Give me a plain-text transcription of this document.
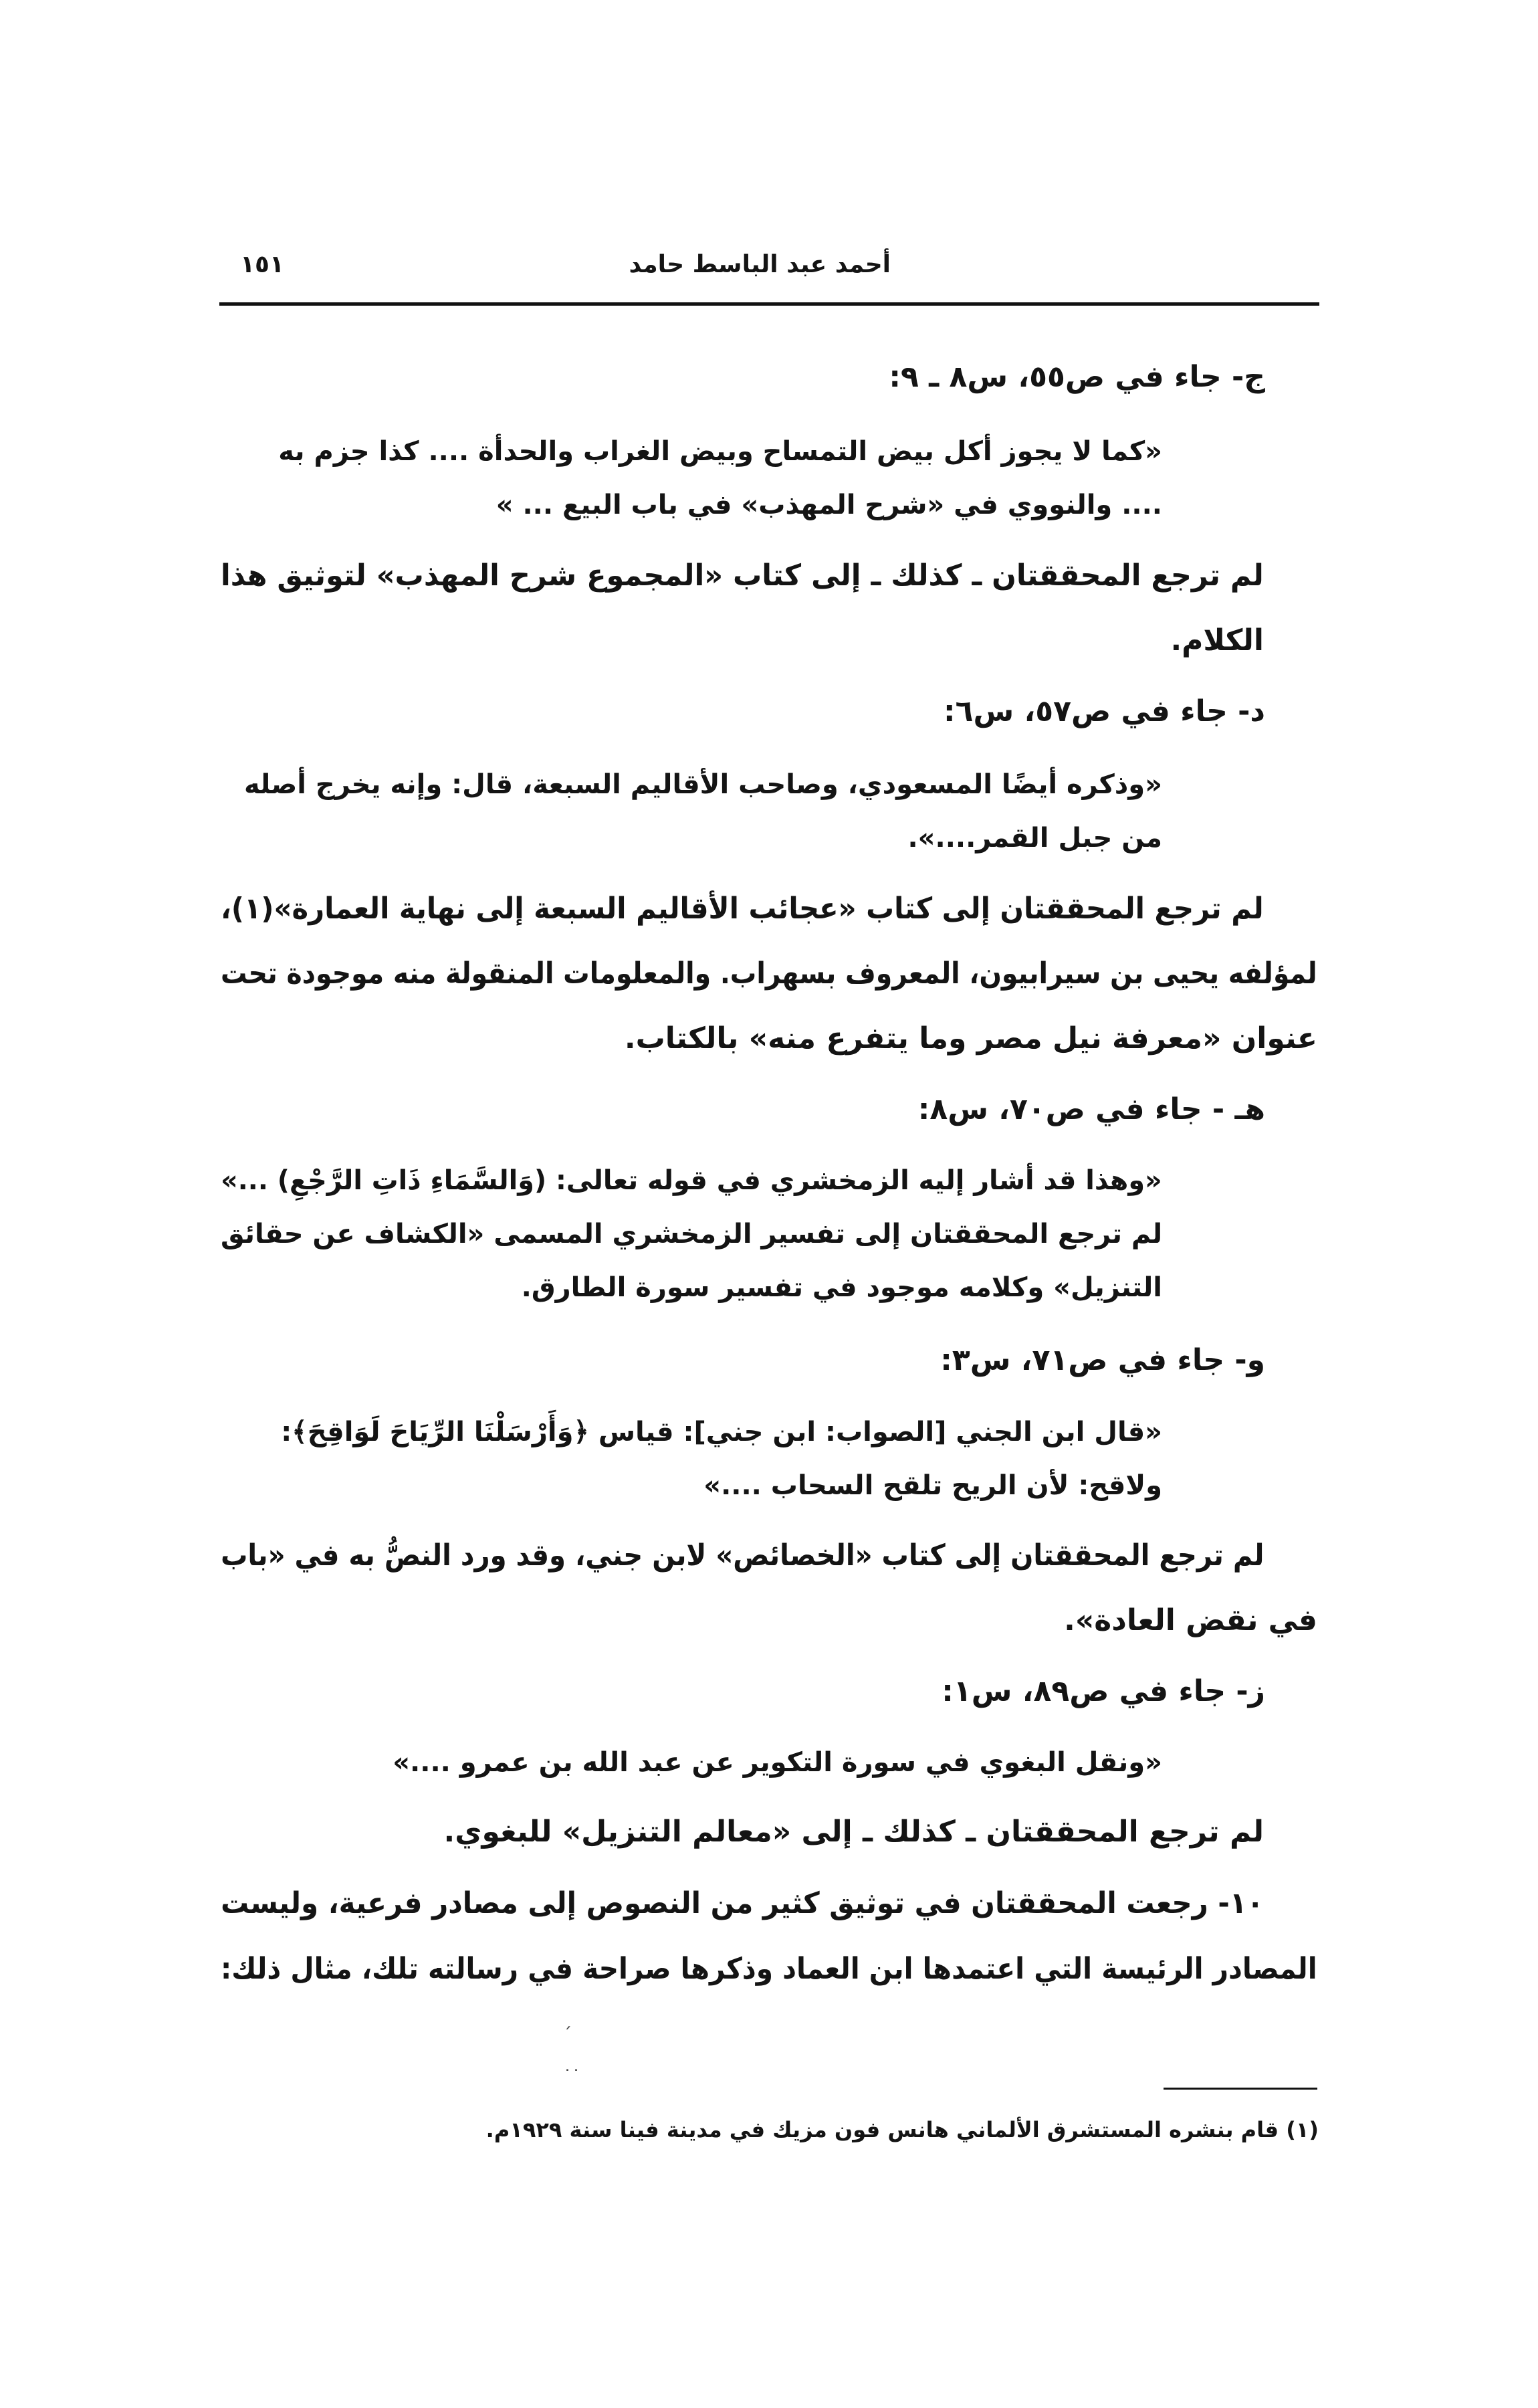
١٥١	أحمد عبد الباسط حامد
ج- جاء في ص٥٥، س٨ ـ ٩:
«كما لا يجوز أكل بيض التمساح وبيض الغراب والحدأة .... كذا جزم به
.... والنووي في «شرح المهذب» في باب البيع ... »
لم ترجع المحققتان ـ كذلك ـ إلى كتاب «المجموع شرح المهذب» لتوثيق هذا
الكلام.
د- جاء في ص٥٧، س٦:
«وذكره أيضًا المسعودي، وصاحب الأقاليم السبعة، قال: وإنه يخرج أصله
من جبل القمر....».
لم ترجع المحققتان إلى كتاب «عجائب الأقاليم السبعة إلى نهاية العمارة»(١)،
لمؤلفه يحيى بن سيرابيون، المعروف بسهراب. والمعلومات المنقولة منه موجودة تحت
عنوان «معرفة نيل مصر وما يتفرع منه» بالكتاب.
هـ - جاء في ص٧٠، س٨:
«وهذا قد أشار إليه الزمخشري في قوله تعالى: (وَالسَّمَاءِ ذَاتِ الرَّجْعِ) ...»
لم ترجع المحققتان إلى تفسير الزمخشري المسمى «الكشاف عن حقائق
التنزيل» وكلامه موجود في تفسير سورة الطارق.
و- جاء في ص٧١، س٣:
«قال ابن الجني [الصواب: ابن جني]: قياس ﴿وَأَرْسَلْنَا الرِّيَاحَ لَوَاقِحَ﴾:
ولاقح: لأن الريح تلقح السحاب ....»
لم ترجع المحققتان إلى كتاب «الخصائص» لابن جني، وقد ورد النصُّ به في «باب
في نقض العادة».
ز- جاء في ص٨٩، س١:
«ونقل البغوي في سورة التكوير عن عبد الله بن عمرو ....»
لم ترجع المحققتان ـ كذلك ـ إلى «معالم التنزيل» للبغوي.
١٠- رجعت المحققتان في توثيق كثير من النصوص إلى مصادر فرعية، وليست
المصادر الرئيسة التي اعتمدها ابن العماد وذكرها صراحة في رسالته تلك، مثال ذلك:
ˏ
˙˙
(١) قام بنشره المستشرق الألماني هانس فون مزيك في مدينة فينا سنة ١٩٢٩م.
